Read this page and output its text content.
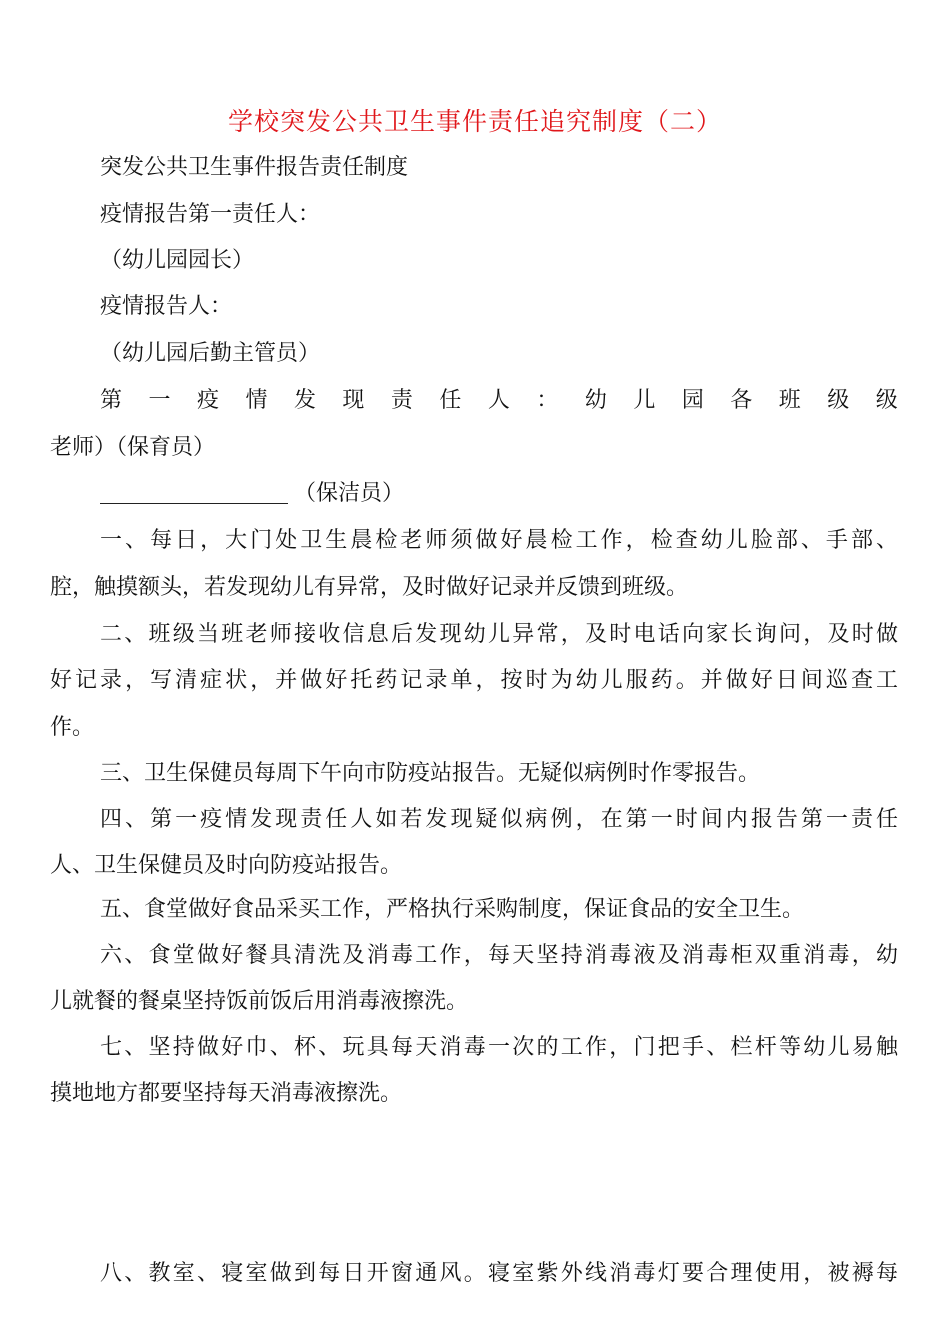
学校突发公共卫生事件责任追究制度（二）
突发公共卫生事件报告责任制度
疫情报告第一责任人：
（幼儿园园长）
疫情报告人：
（幼儿园后勤主管员）
第 一 疫 情 发 现 责 任 人 ： 幼 儿 园 各 班 级 级
老师）（保育员）
（保洁员）
一、每日，大门处卫生晨检老师须做好晨检工作，检查幼儿脸部、手部、
腔，触摸额头，若发现幼儿有异常，及时做好记录并反馈到班级。
二、班级当班老师接收信息后发现幼儿异常，及时电话向家长询问，及时做
好记录，写清症状，并做好托药记录单，按时为幼儿服药。并做好日间巡查工
作。
三、卫生保健员每周下午向市防疫站报告。无疑似病例时作零报告。
四、第一疫情发现责任人如若发现疑似病例，在第一时间内报告第一责任
人、卫生保健员及时向防疫站报告。
五、食堂做好食品采买工作，严格执行采购制度，保证食品的安全卫生。
六、食堂做好餐具清洗及消毒工作，每天坚持消毒液及消毒柜双重消毒，幼
儿就餐的餐桌坚持饭前饭后用消毒液擦洗。
七、坚持做好巾、杯、玩具每天消毒一次的工作，门把手、栏杆等幼儿易触
摸地地方都要坚持每天消毒液擦洗。
八、教室、寝室做到每日开窗通风。寝室紫外线消毒灯要合理使用，被褥每
